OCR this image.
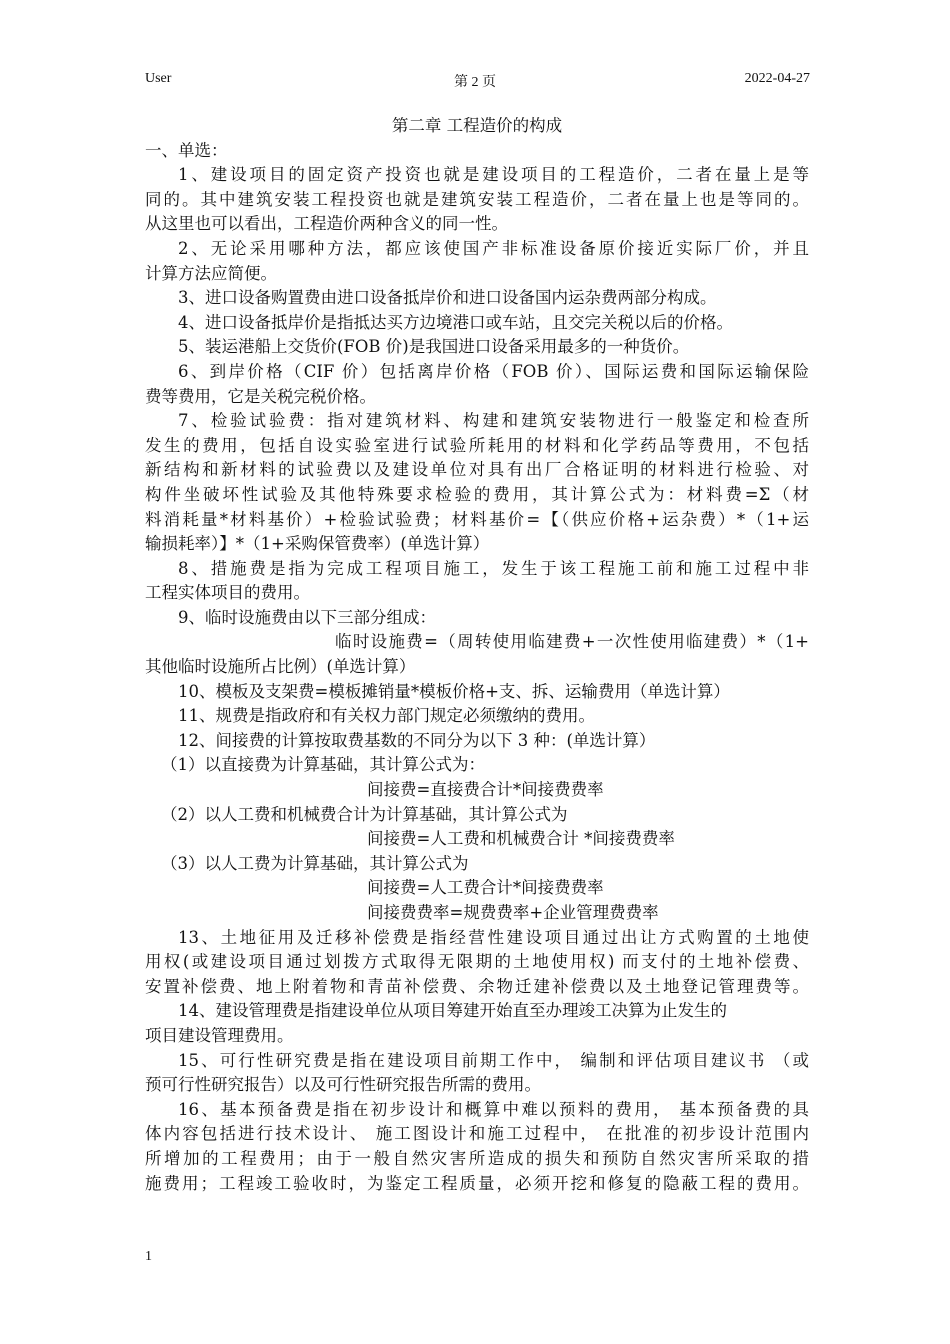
User	第 2 页	2022-04-27
第二章 工程造价的构成
一、单选：
1、建设项目的固定资产投资也就是建设项目的工程造价，二者在量上是等
同的。其中建筑安装工程投资也就是建筑安装工程造价，二者在量上也是等同的。
从这里也可以看出，工程造价两种含义的同一性。
2、无论采用哪种方法，都应该使国产非标准设备原价接近实际厂价，并且
计算方法应简便。
3、进口设备购置费由进口设备抵岸价和进口设备国内运杂费两部分构成。
4、进口设备抵岸价是指抵达买方边境港口或车站，且交完关税以后的价格。
5、装运港船上交货价(FOB 价)是我国进口设备采用最多的一种货价。
6、到岸价格（CIF 价）包括离岸价格（FOB 价）、国际运费和国际运输保险
费等费用，它是关税完税价格。
7、检验试验费：指对建筑材料、构建和建筑安装物进行一般鉴定和检查所
发生的费用，包括自设实验室进行试验所耗用的材料和化学药品等费用，不包括
新结构和新材料的试验费以及建设单位对具有出厂合格证明的材料进行检验、对
构件坐破坏性试验及其他特殊要求检验的费用，其计算公式为：材料费=Σ（材
料消耗量*材料基价）+检验试验费；材料基价=【（供应价格+运杂费）*（1+运
输损耗率）】*（1+采购保管费率）(单选计算）
8、措施费是指为完成工程项目施工，发生于该工程施工前和施工过程中非
工程实体项目的费用。
9、临时设施费由以下三部分组成：
临时设施费=（周转使用临建费+一次性使用临建费）*（1+
其他临时设施所占比例）(单选计算）
10、模板及支架费=模板摊销量*模板价格+支、拆、运输费用（单选计算）
11、规费是指政府和有关权力部门规定必须缴纳的费用。
12、间接费的计算按取费基数的不同分为以下 3 种：(单选计算）
（1）以直接费为计算基础，其计算公式为：
间接费=直接费合计*间接费费率
（2）以人工费和机械费合计为计算基础，其计算公式为
间接费=人工费和机械费合计 *间接费费率
（3）以人工费为计算基础，其计算公式为
间接费=人工费合计*间接费费率
间接费费率=规费费率+企业管理费费率
13、土地征用及迁移补偿费是指经营性建设项目通过出让方式购置的土地使
用权(或建设项目通过划拨方式取得无限期的土地使用权) 而支付的土地补偿费、
安置补偿费、地上附着物和青苗补偿费、余物迁建补偿费以及土地登记管理费等。
14、建设管理费是指建设单位从项目筹建开始直至办理竣工决算为止发生的
项目建设管理费用。
15、可行性研究费是指在建设项目前期工作中， 编制和评估项目建议书 （或
预可行性研究报告）以及可行性研究报告所需的费用。
16、基本预备费是指在初步设计和概算中难以预料的费用， 基本预备费的具
体内容包括进行技术设计、 施工图设计和施工过程中， 在批准的初步设计范围内
所增加的工程费用；由于一般自然灾害所造成的损失和预防自然灾害所采取的措
施费用；工程竣工验收时，为鉴定工程质量，必须开挖和修复的隐蔽工程的费用。
1
